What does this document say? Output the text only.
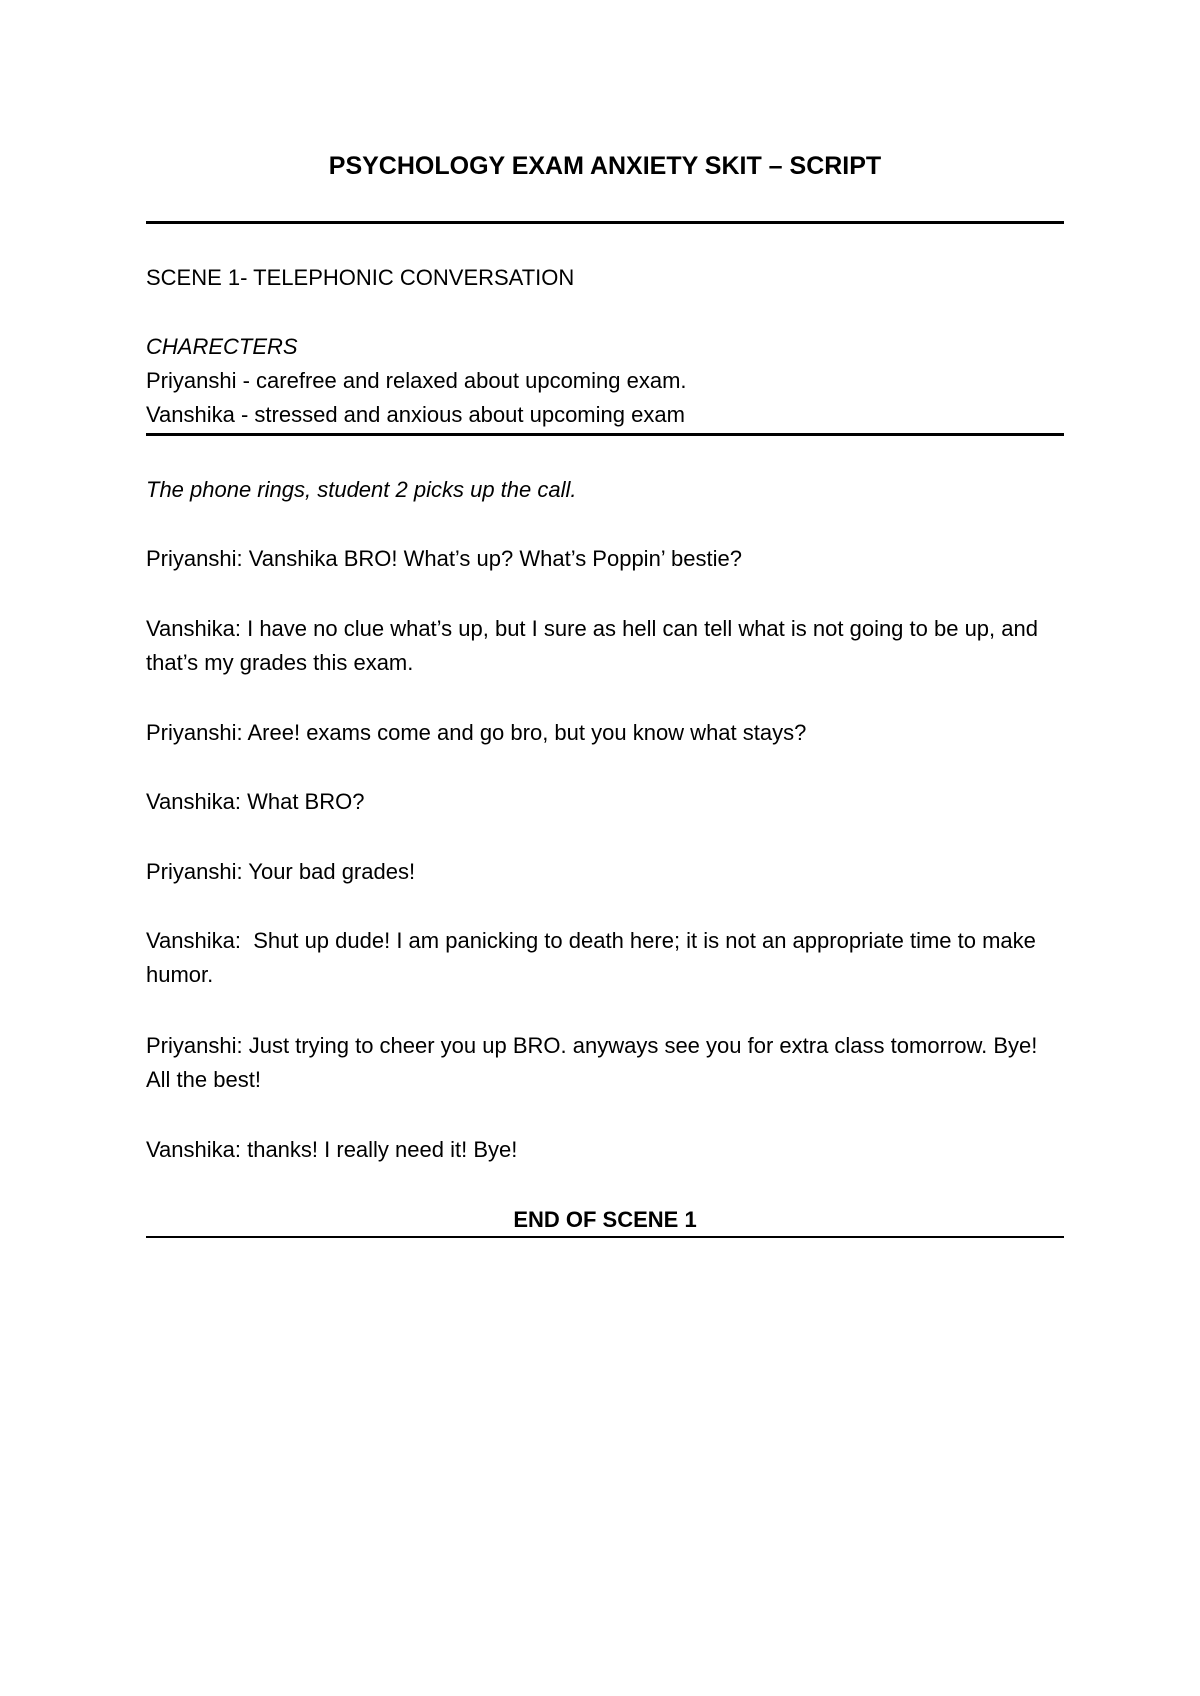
PSYCHOLOGY EXAM ANXIETY SKIT – SCRIPT
SCENE 1- TELEPHONIC CONVERSATION
CHARECTERS
Priyanshi - carefree and relaxed about upcoming exam.
Vanshika - stressed and anxious about upcoming exam
The phone rings, student 2 picks up the call.
Priyanshi: Vanshika BRO! What’s up? What’s Poppin’ bestie?
Vanshika: I have no clue what’s up, but I sure as hell can tell what is not going to be up, and that’s my grades this exam.
Priyanshi: Aree! exams come and go bro, but you know what stays?
Vanshika: What BRO?
Priyanshi: Your bad grades!
Vanshika:  Shut up dude! I am panicking to death here; it is not an appropriate time to make humor.
Priyanshi: Just trying to cheer you up BRO. anyways see you for extra class tomorrow. Bye! All the best!
Vanshika: thanks! I really need it! Bye!
END OF SCENE 1
